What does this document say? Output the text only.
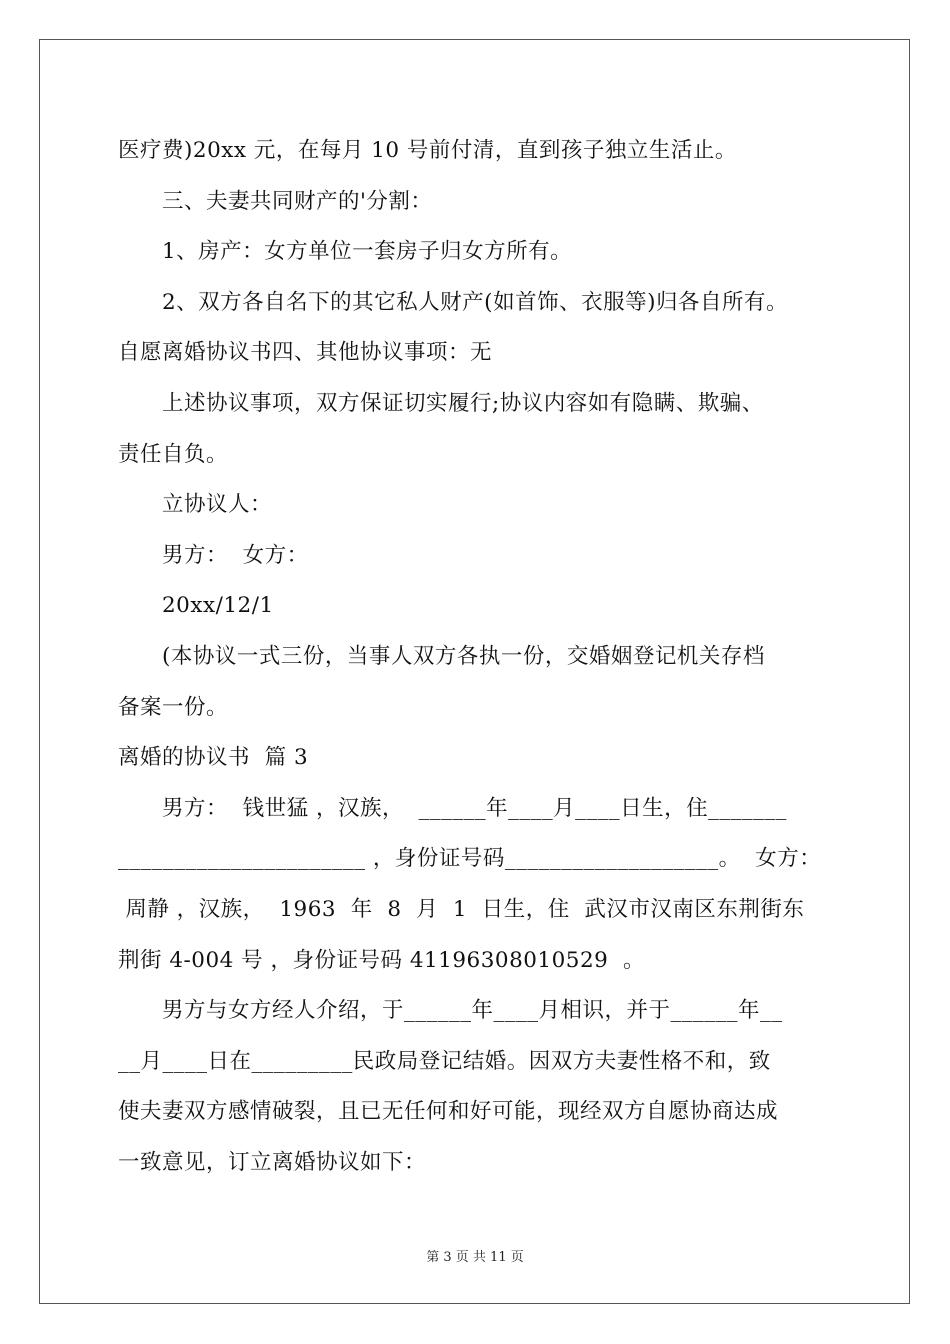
医疗费)20xx 元，在每月 10 号前付清，直到孩子独立生活止。
三、夫妻共同财产的'分割：
1、房产：女方单位一套房子归女方所有。
2、双方各自名下的其它私人财产(如首饰、衣服等)归各自所有。
自愿离婚协议书四、其他协议事项：无
上述协议事项，双方保证切实履行;协议内容如有隐瞒、欺骗、
责任自负。
立协议人：
男方：  女方：
20xx/12/1
(本协议一式三份，当事人双方各执一份，交婚姻登记机关存档
备案一份。
离婚的协议书  篇 3
男方：  钱世猛 ，汉族，  ______年____月____日生，住_______
______________________ ，身份证号码___________________。  女方：
周静 ，汉族，  1963  年  8  月  1  日生，住  武汉市汉南区东荆街东
荆街 4-004 号 ，身份证号码 41196308010529  。
男方与女方经人介绍，于______年____月相识，并于______年__
__月____日在_________民政局登记结婚。因双方夫妻性格不和，致
使夫妻双方感情破裂，且已无任何和好可能，现经双方自愿协商达成
一致意见，订立离婚协议如下：
第 3 页 共 11 页
